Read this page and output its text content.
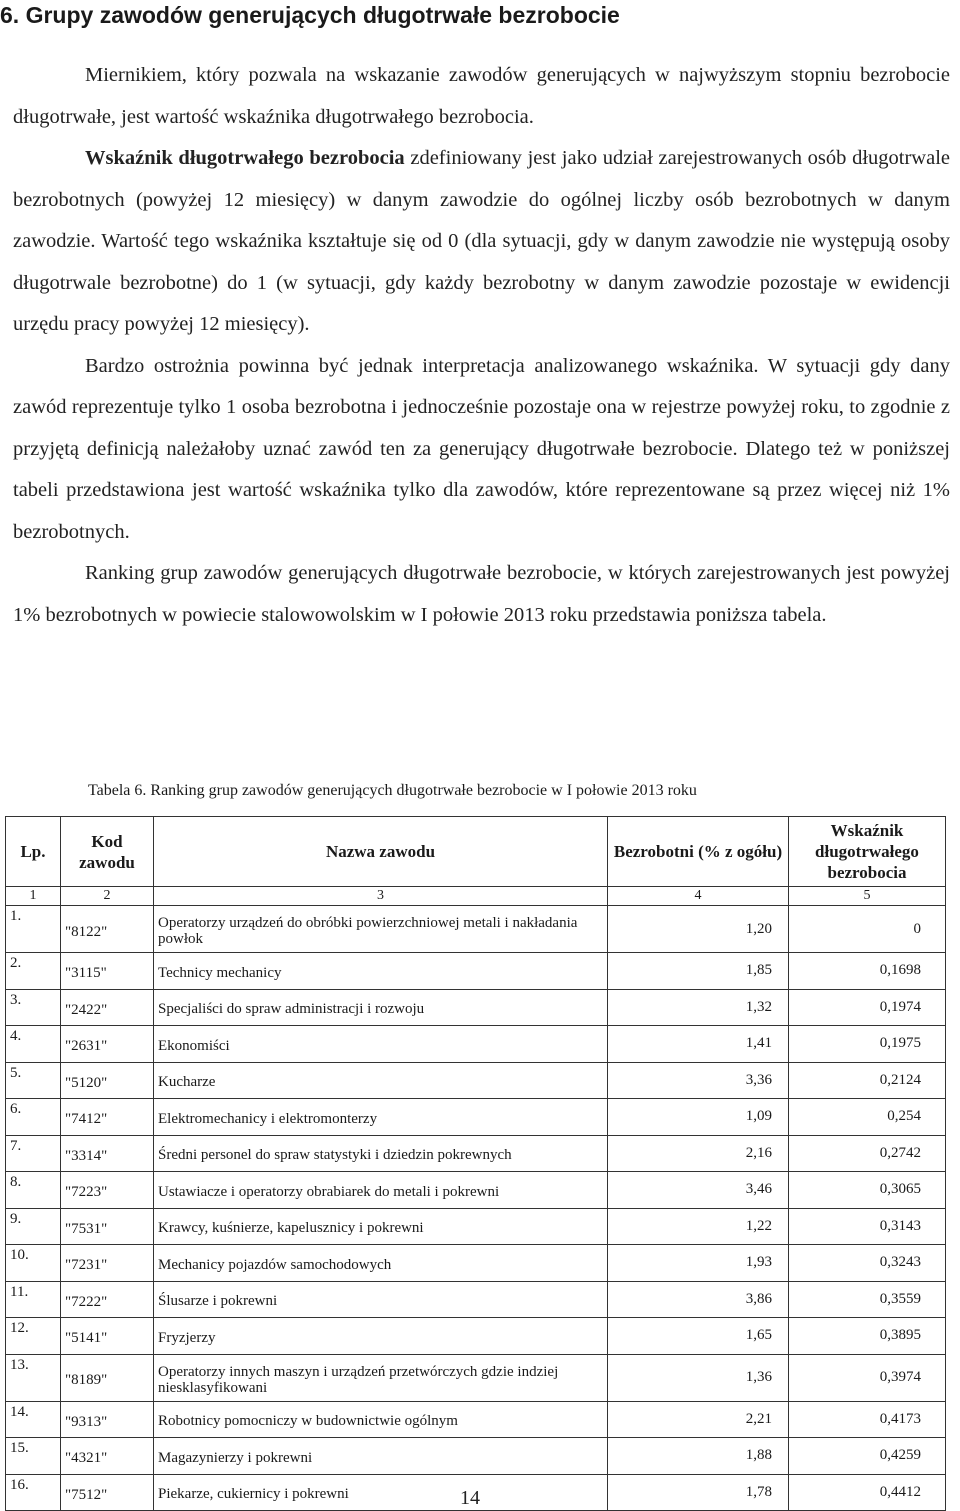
6. Grupy zawodów generujących długotrwałe bezrobocie

Miernikiem, który pozwala na wskazanie zawodów generujących w najwyższym stopniu bezrobocie długotrwałe, jest wartość wskaźnika długotrwałego bezrobocia.

Wskaźnik długotrwałego bezrobocia zdefiniowany jest jako udział zarejestrowanych osób długotrwale bezrobotnych (powyżej 12 miesięcy) w danym zawodzie do ogólnej liczby osób bezrobotnych w danym zawodzie. Wartość tego wskaźnika kształtuje się od 0 (dla sytuacji, gdy w danym zawodzie nie występują osoby długotrwale bezrobotne) do 1 (w sytuacji, gdy każdy bezrobotny w danym zawodzie pozostaje w ewidencji urzędu pracy powyżej 12 miesięcy).

Bardzo ostrożnia powinna być jednak interpretacja analizowanego wskaźnika. W sytuacji gdy dany zawód reprezentuje tylko 1 osoba bezrobotna i jednocześnie pozostaje ona w rejestrze powyżej roku, to zgodnie z przyjętą definicją należałoby uznać zawód ten za generujący długotrwałe bezrobocie. Dlatego też w poniższej tabeli przedstawiona jest wartość wskaźnika tylko dla zawodów, które reprezentowane są przez więcej niż 1% bezrobotnych.

Ranking grup zawodów generujących długotrwałe bezrobocie, w których zarejestrowanych jest powyżej 1% bezrobotnych w powiecie stalowowolskim w I połowie 2013 roku przedstawia poniższa tabela.

Tabela 6. Ranking grup zawodów generujących długotrwałe bezrobocie w I połowie 2013 roku
Lp.	Kod zawodu	Nazwa zawodu	Bezrobotni (% z ogółu)	Wskaźnik długotrwałego bezrobocia
1	2	3	4	5
1.	"8122"	Operatorzy urządzeń do obróbki powierzchniowej metali i nakładania powłok	1,20	0
2.	"3115"	Technicy mechanicy	1,85	0,1698
3.	"2422"	Specjaliści do spraw administracji i rozwoju	1,32	0,1974
4.	"2631"	Ekonomiści	1,41	0,1975
5.	"5120"	Kucharze	3,36	0,2124
6.	"7412"	Elektromechanicy i elektromonterzy	1,09	0,254
7.	"3314"	Średni personel do spraw statystyki i dziedzin pokrewnych	2,16	0,2742
8.	"7223"	Ustawiacze i operatorzy obrabiarek do metali i pokrewni	3,46	0,3065
9.	"7531"	Krawcy, kuśnierze, kapelusznicy i pokrewni	1,22	0,3143
10.	"7231"	Mechanicy pojazdów samochodowych	1,93	0,3243
11.	"7222"	Ślusarze i pokrewni	3,86	0,3559
12.	"5141"	Fryzjerzy	1,65	0,3895
13.	"8189"	Operatorzy innych maszyn i urządzeń przetwórczych gdzie indziej niesklasyfikowani	1,36	0,3974
14.	"9313"	Robotnicy pomocniczy w budownictwie ogólnym	2,21	0,4173
15.	"4321"	Magazynierzy i pokrewni	1,88	0,4259
16.	"7512"	Piekarze, cukiernicy i pokrewni	1,78	0,4412
14
